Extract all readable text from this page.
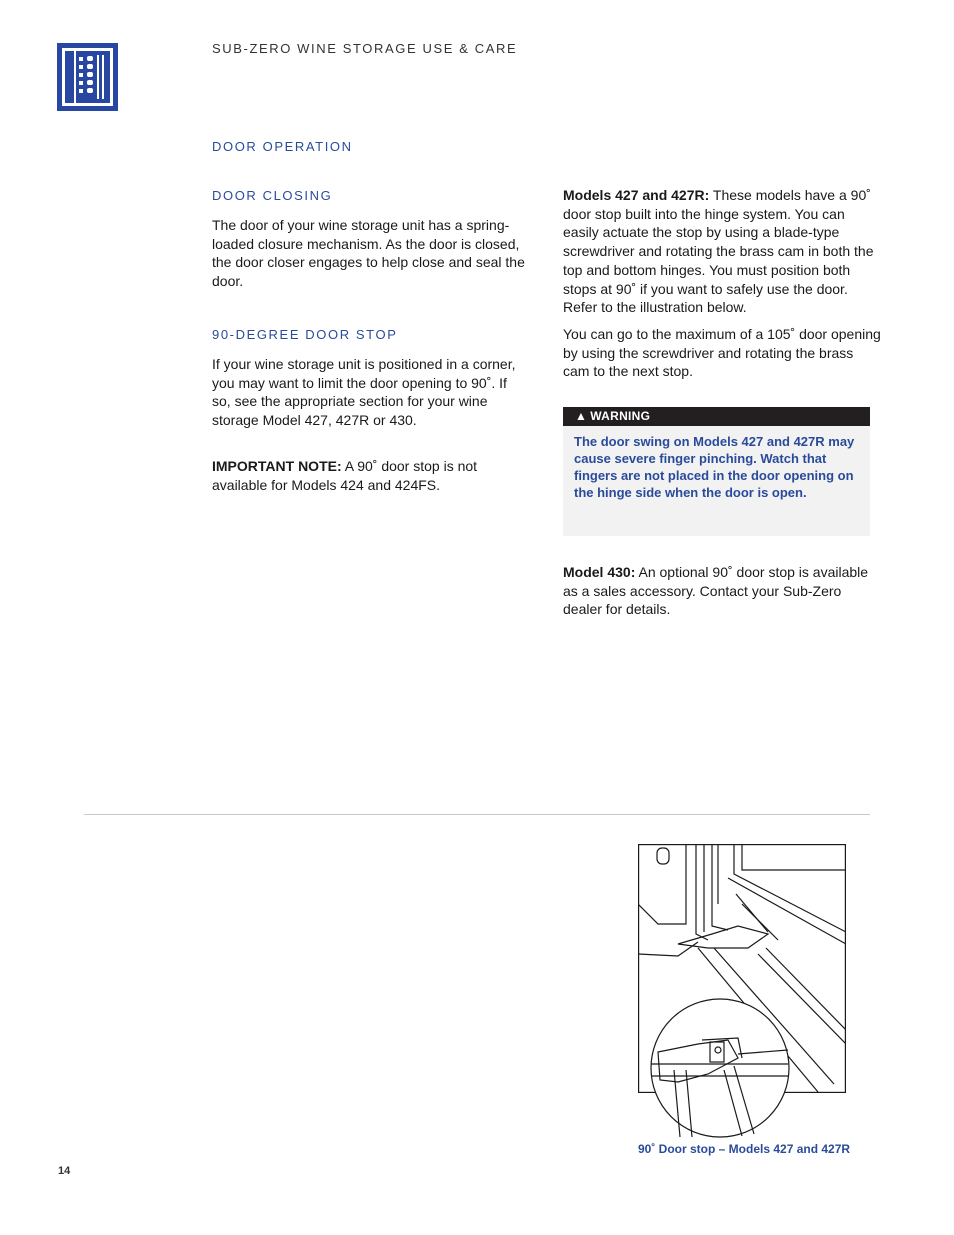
SUB-ZERO WINE STORAGE USE & CARE
DOOR OPERATION
DOOR CLOSING

The door of your wine storage unit has a spring-loaded closure mechanism. As the door is closed, the door closer engages to help close and seal the door.

90-DEGREE DOOR STOP

If your wine storage unit is positioned in a corner, you may want to limit the door opening to 90˚. If so, see the appropriate section for your wine storage Model 427, 427R or 430.

IMPORTANT NOTE: A 90˚ door stop is not available for Models 424 and 424FS.

Models 427 and 427R: These models have a 90˚ door stop built into the hinge system. You can easily actuate the stop by using a blade-type screwdriver and rotating the brass cam in both the top and bottom hinges. You must position both stops at 90˚ if you want to safely use the door. Refer to the illustration below.

You can go to the maximum of a 105˚ door opening by using the screwdriver and rotating the brass cam to the next stop.

▲ WARNING

The door swing on Models 427 and 427R may cause severe finger pinching. Watch that fingers are not placed in the door opening on the hinge side when the door is open.

Model 430: An optional 90˚ door stop is available as a sales accessory. Contact your Sub-Zero dealer for details.

90˚ Door stop – Models 427 and 427R
14
